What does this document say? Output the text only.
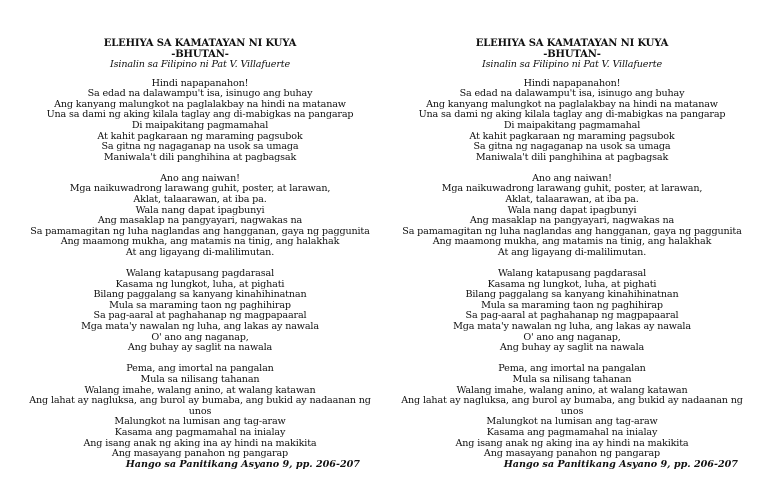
ELEHIYA SA KAMATAYAN NI KUYA
-BHUTAN-
Isinalin sa Filipino ni Pat V. Villafuerte
Hindi napapanahon!
Sa edad na dalawampu't isa, isinugo ang buhay
Ang kanyang malungkot na paglalakbay na hindi na matanaw
Una sa dami ng aking kilala taglay ang di-mabigkas na pangarap
Di maipakitang pagmamahal
At kahit pagkaraan ng maraming pagsubok
Sa gitna ng nagaganap na usok sa umaga
Maniwala't dili panghihina at pagbagsak
Ano ang naiwan!
Mga naikuwadrong larawang guhit, poster, at larawan,
Aklat, talaarawan, at iba pa.
Wala nang dapat ipagbunyi
Ang masaklap na pangyayari, nagwakas na
Sa pamamagitan ng luha naglandas ang hangganan, gaya ng paggunita
Ang maamong mukha, ang matamis na tinig, ang halakhak
At ang ligayang di-malilimutan.
Walang katapusang pagdarasal
Kasama ng lungkot, luha, at pighati
Bilang paggalang sa kanyang kinahihinatnan
Mula sa maraming taon ng paghihirap
Sa pag-aaral at paghahanap ng magpapaaral
Mga mata'y nawalan ng luha, ang lakas ay nawala
O' ano ang naganap,
Ang buhay ay saglit na nawala
Pema, ang imortal na pangalan
Mula sa nilisang tahanan
Walang imahe, walang anino, at walang katawan
Ang lahat ay nagluksa, ang burol ay bumaba, ang bukid ay nadaanan ng
unos
Malungkot na lumisan ang tag-araw
Kasama ang pagmamahal na inialay
Ang isang anak ng aking ina ay hindi na makikita
Ang masayang panahon ng pangarap
ELEHIYA SA KAMATAYAN NI KUYA
-BHUTAN-
Isinalin sa Filipino ni Pat V. Villafuerte
Hindi napapanahon!
Sa edad na dalawampu't isa, isinugo ang buhay
Ang kanyang malungkot na paglalakbay na hindi na matanaw
Una sa dami ng aking kilala taglay ang di-mabigkas na pangarap
Di maipakitang pagmamahal
At kahit pagkaraan ng maraming pagsubok
Sa gitna ng nagaganap na usok sa umaga
Maniwala't dili panghihina at pagbagsak
Ano ang naiwan!
Mga naikuwadrong larawang guhit, poster, at larawan,
Aklat, talaarawan, at iba pa.
Wala nang dapat ipagbunyi
Ang masaklap na pangyayari, nagwakas na
Sa pamamagitan ng luha naglandas ang hangganan, gaya ng paggunita
Ang maamong mukha, ang matamis na tinig, ang halakhak
At ang ligayang di-malilimutan.
Walang katapusang pagdarasal
Kasama ng lungkot, luha, at pighati
Bilang paggalang sa kanyang kinahihinatnan
Mula sa maraming taon ng paghihirap
Sa pag-aaral at paghahanap ng magpapaaral
Mga mata'y nawalan ng luha, ang lakas ay nawala
O' ano ang naganap,
Ang buhay ay saglit na nawala
Pema, ang imortal na pangalan
Mula sa nilisang tahanan
Walang imahe, walang anino, at walang katawan
Ang lahat ay nagluksa, ang burol ay bumaba, ang bukid ay nadaanan ng
unos
Malungkot na lumisan ang tag-araw
Kasama ang pagmamahal na inialay
Ang isang anak ng aking ina ay hindi na makikita
Ang masayang panahon ng pangarap
Hango sa Panitikang Asyano 9, pp. 206-207	Hango sa Panitikang Asyano 9, pp. 206-207
